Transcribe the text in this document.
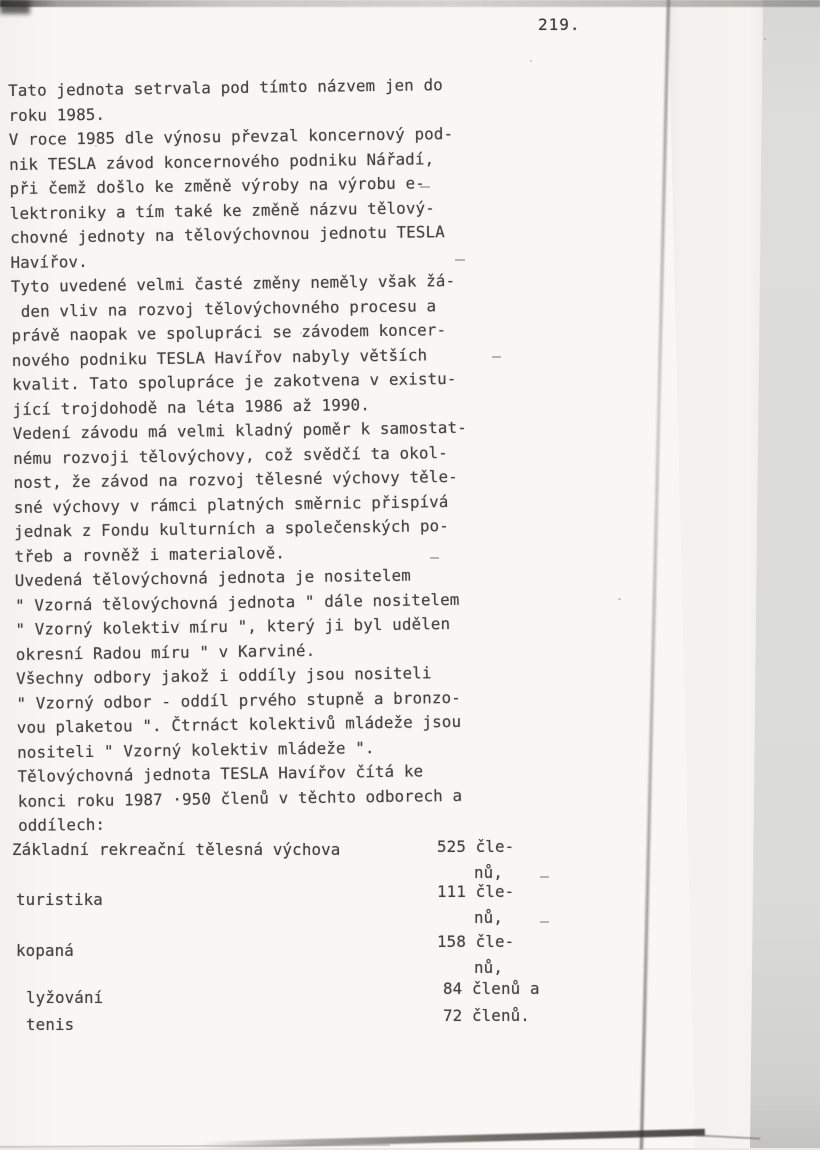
219.
Tato jednota setrvala pod tímto názvem jen do
roku 1985.
V roce 1985 dle výnosu převzal koncernový pod-
nik TESLA závod koncernového podniku Nářadí,
při čemž došlo ke změně výroby na výrobu e-
lektroniky a tím také ke změně názvu tělový-
chovné jednoty na tělovýchovnou jednotu TESLA
Havířov.
Tyto uvedené velmi časté změny neměly však žá-
den vliv na rozvoj tělovýchovného procesu a
právě naopak ve spolupráci se závodem koncer-
nového podniku TESLA Havířov nabyly větších
kvalit. Tato spolupráce je zakotvena v existu-
jící trojdohodě na léta 1986 až 1990.
Vedení závodu má velmi kladný poměr k samostat-
nému rozvoji tělovýchovy, což svědčí ta okol-
nost, že závod na rozvoj tělesné výchovy těle-
sné výchovy v rámci platných směrnic přispívá
jednak z Fondu kulturních a společenských po-
třeb a rovněž i materialově.
Uvedená tělovýchovná jednota je nositelem
" Vzorná tělovýchovná jednota " dále nositelem
" Vzorný kolektiv míru ", který ji byl udělen
okresní Radou míru " v Karviné.
Všechny odbory jakož i oddíly jsou nositeli
" Vzorný odbor - oddíl prvého stupně a bronzo-
vou plaketou ". Čtrnáct kolektivů mládeže jsou
nositeli " Vzorný kolektiv mládeže ".
Tělovýchovná jednota TESLA Havířov čítá ke
konci roku 1987 ·950 členů v těchto odborech a
oddílech:
Základní rekreační tělesná výchova	525 čle-
nů,
turistika	111 čle-
nů,
kopaná	158 čle-
nů,
lyžování	84 členů a
tenis	72 členů.
